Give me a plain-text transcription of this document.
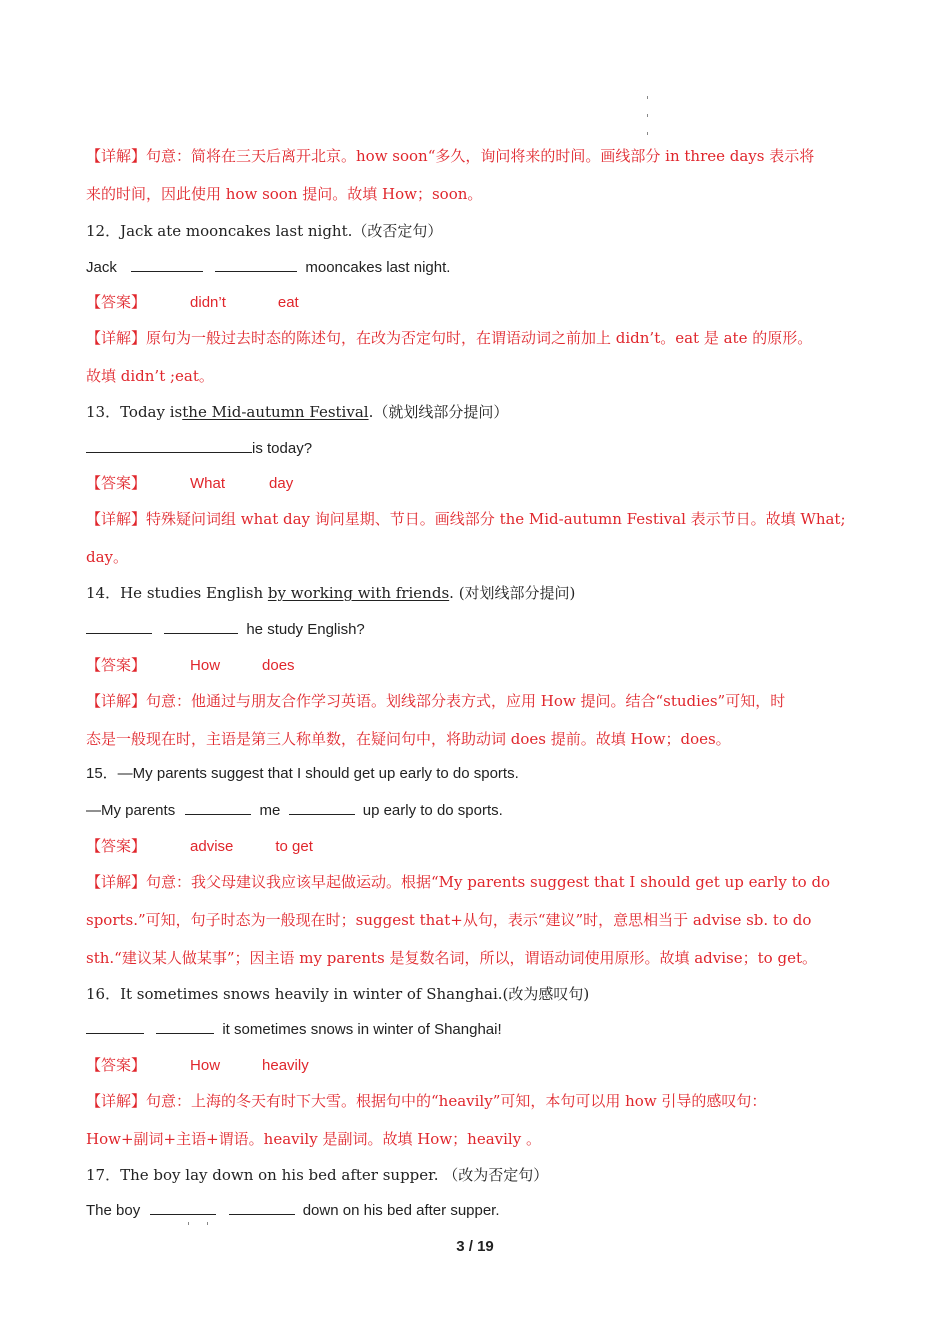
【详解】句意：简将在三天后离开北京。how soon“多久，询问将来的时间。画线部分 in three days 表示将
来的时间，因此使用 how soon 提问。故填 How；soon。
12．Jack ate mooncakes last night.（改否定句）
Jack	mooncakes last night.
【答案】	didn’t	eat
【详解】原句为一般过去时态的陈述句，在改为否定句时，在谓语动词之前加上 didn’t。eat 是 ate 的原形。
故填 didn’t ;eat。
13．Today isthe Mid-autumn Festival.（就划线部分提问）
is today?
【答案】	What	day
【详解】特殊疑问词组 what day 询问星期、节日。画线部分 the Mid-autumn Festival 表示节日。故填 What;
day。
14．He studies English by working with friends. (对划线部分提问)
he study English?
【答案】	How	does
【详解】句意：他通过与朋友合作学习英语。划线部分表方式，应用 How 提问。结合“studies”可知，时
态是一般现在时，主语是第三人称单数，在疑问句中，将助动词 does 提前。故填 How；does。
15．—My parents suggest that I should get up early to do sports.
—My parents	me	up early to do sports.
【答案】	advise	to get
【详解】句意：我父母建议我应该早起做运动。根据“My parents suggest that I should get up early to do
sports.”可知，句子时态为一般现在时；suggest that+从句，表示“建议”时，意思相当于 advise sb. to do
sth.“建议某人做某事”；因主语 my parents 是复数名词，所以，谓语动词使用原形。故填 advise；to get。
16．It sometimes snows heavily in winter of Shanghai.(改为感叹句)
it sometimes snows in winter of Shanghai!
【答案】	How	heavily
【详解】句意：上海的冬天有时下大雪。根据句中的“heavily”可知，本句可以用 how 引导的感叹句：
How+副词+主语+谓语。heavily 是副词。故填 How；heavily 。
17．The boy lay down on his bed after supper. （改为否定句）
The boy	down on his bed after supper.
3 / 19
